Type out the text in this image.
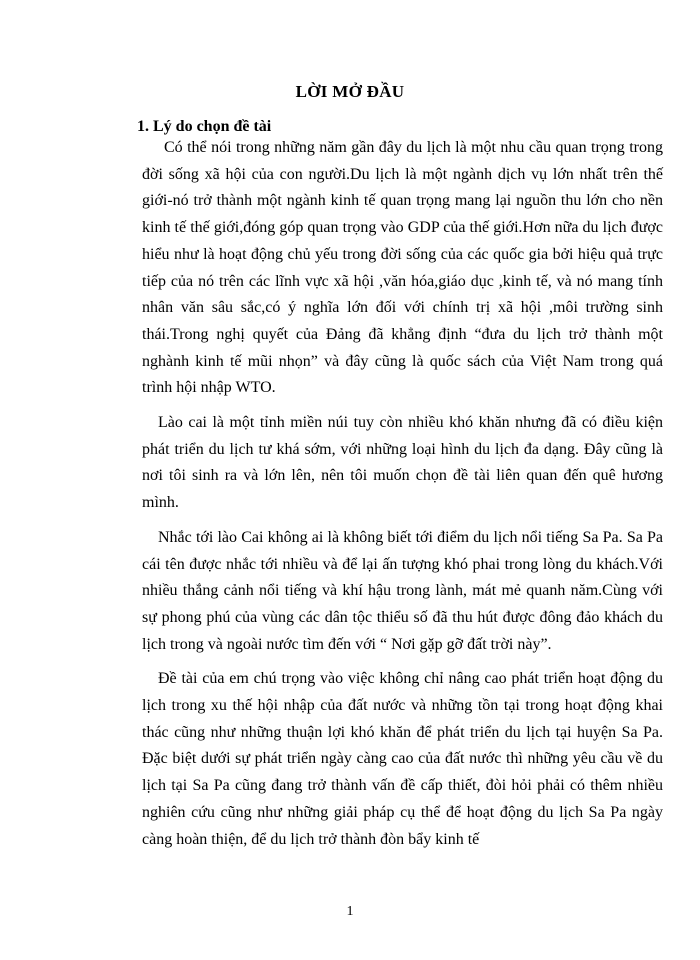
LỜI MỞ ĐẦU
1. Lý do chọn đề tài

Có thể nói trong những năm gần đây du lịch là một nhu cầu quan trọng trong đời sống xã hội của con người.Du lịch là một ngành dịch vụ lớn nhất trên thế giới-nó trở thành một ngành kinh tế quan trọng mang lại nguồn thu lớn cho nền kinh tế thế giới,đóng góp quan trọng vào GDP của thế giới.Hơn nữa du lịch được hiểu như là hoạt động chủ yếu trong đời sống của các quốc gia bởi hiệu quả trực tiếp của nó trên các lĩnh vực xã hội ,văn hóa,giáo dục ,kinh tế, và nó mang tính nhân văn sâu sắc,có ý nghĩa lớn đối với chính trị xã hội ,môi trường sinh thái.Trong nghị quyết của Đảng đã khẳng định “đưa du lịch trở thành một nghành kinh tế mũi nhọn” và đây cũng là quốc sách của Việt Nam trong quá trình hội nhập WTO.

Lào cai là một tỉnh miền núi tuy còn nhiều khó khăn nhưng đã có điều kiện phát triển du lịch tư khá sớm, với những loại hình du lịch đa dạng. Đây cũng là nơi tôi sinh ra và lớn lên, nên tôi muốn chọn đề tài liên quan đến quê hương mình.

Nhắc tới lào Cai không ai là không biết tới điểm du lịch nổi tiếng Sa Pa. Sa Pa cái tên được nhắc tới nhiều và để lại ấn tượng khó phai trong lòng du khách.Với nhiều thắng cảnh nổi tiếng và khí hậu trong lành, mát mẻ quanh năm.Cùng với sự phong phú của vùng các dân tộc thiểu số đã thu hút được đông đảo khách du lịch trong và ngoài nước tìm đến với “ Nơi gặp gỡ đất trời này”.

Đề tài của em chú trọng vào việc không chỉ nâng cao phát triển hoạt động du lịch trong xu thế hội nhập của đất nước và những tồn tại trong hoạt động khai thác cũng như những thuận lợi khó khăn để phát triển du lịch tại huyện Sa Pa. Đặc biệt dưới sự phát triển ngày càng cao của đất nước thì những yêu cầu về du lịch tại Sa Pa cũng đang trở thành vấn đề cấp thiết, đòi hỏi phải có thêm nhiều nghiên cứu cũng như những giải pháp cụ thể để hoạt động du lịch Sa Pa ngày càng hoàn thiện, để du lịch trở thành đòn bẩy kinh tế

1
